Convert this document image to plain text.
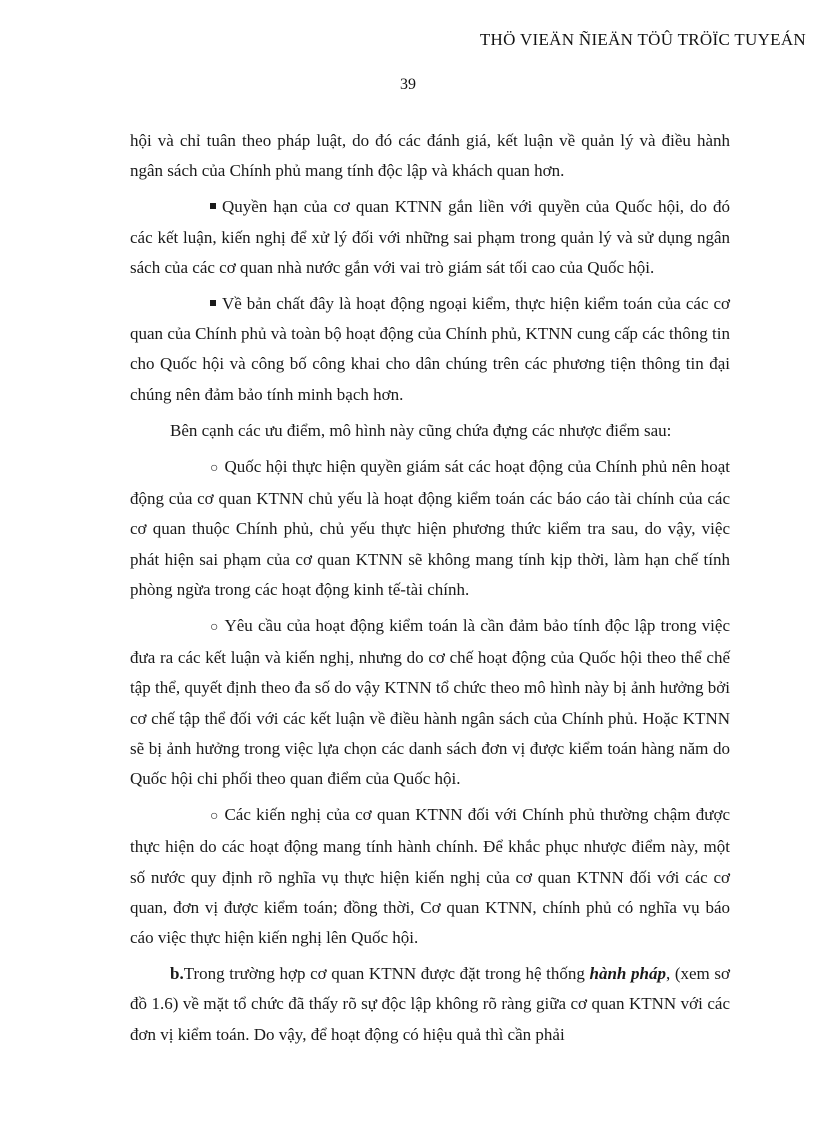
THÖ VIEÄN ÑIEÄN TÖÛ TRÖÏC TUYEÁN
39

hội và chỉ tuân theo pháp luật, do đó các đánh giá, kết luận về quản lý và điều hành ngân sách của Chính phủ mang tính độc lập và khách quan hơn.

Quyền hạn của cơ quan KTNN gắn liền với quyền của Quốc hội, do đó các kết luận, kiến nghị để xử lý đối với những sai phạm trong quản lý và sử dụng ngân sách của các cơ quan nhà nước gắn với vai trò giám sát tối cao của Quốc hội.

Về bản chất đây là hoạt động ngoại kiểm, thực hiện kiểm toán của các cơ quan của Chính phủ và toàn bộ hoạt động của Chính phủ, KTNN cung cấp các thông tin cho Quốc hội và công bố công khai cho dân chúng trên các phương tiện thông tin đại chúng nên đảm bảo tính minh bạch hơn.

Bên cạnh các ưu điểm, mô hình này cũng chứa đựng các nhược điểm sau:

○ Quốc hội thực hiện quyền giám sát các hoạt động của Chính phủ nên hoạt động của cơ quan KTNN chủ yếu là hoạt động kiểm toán các báo cáo tài chính của các cơ quan thuộc Chính phủ, chủ yếu thực hiện phương thức kiểm tra sau, do vậy, việc phát hiện sai phạm của cơ quan KTNN sẽ không mang tính kịp thời, làm hạn chế tính phòng ngừa trong các hoạt động kinh tế-tài chính.

○ Yêu cầu của hoạt động kiểm toán là cần đảm bảo tính độc lập trong việc đưa ra các kết luận và kiến nghị, nhưng do cơ chế hoạt động của Quốc hội theo thể chế tập thể, quyết định theo đa số do vậy KTNN tổ chức theo mô hình này bị ảnh hưởng bởi cơ chế tập thể đối với các kết luận về điều hành ngân sách của Chính phủ. Hoặc KTNN sẽ bị ảnh hưởng trong việc lựa chọn các danh sách đơn vị được kiểm toán hàng năm do Quốc hội chi phối theo quan điểm của Quốc hội.

○ Các kiến nghị của cơ quan KTNN đối với Chính phủ thường chậm được thực hiện do các hoạt động mang tính hành chính. Để khắc phục nhược điểm này, một số nước quy định rõ nghĩa vụ thực hiện kiến nghị của cơ quan KTNN đối với các cơ quan, đơn vị được kiểm toán; đồng thời, Cơ quan KTNN, chính phủ có nghĩa vụ báo cáo việc thực hiện kiến nghị lên Quốc hội.

b.Trong trường hợp cơ quan KTNN được đặt trong hệ thống hành pháp, (xem sơ đồ 1.6) về mặt tổ chức đã thấy rõ sự độc lập không rõ ràng giữa cơ quan KTNN với các đơn vị kiểm toán. Do vậy, để hoạt động có hiệu quả thì cần phải
